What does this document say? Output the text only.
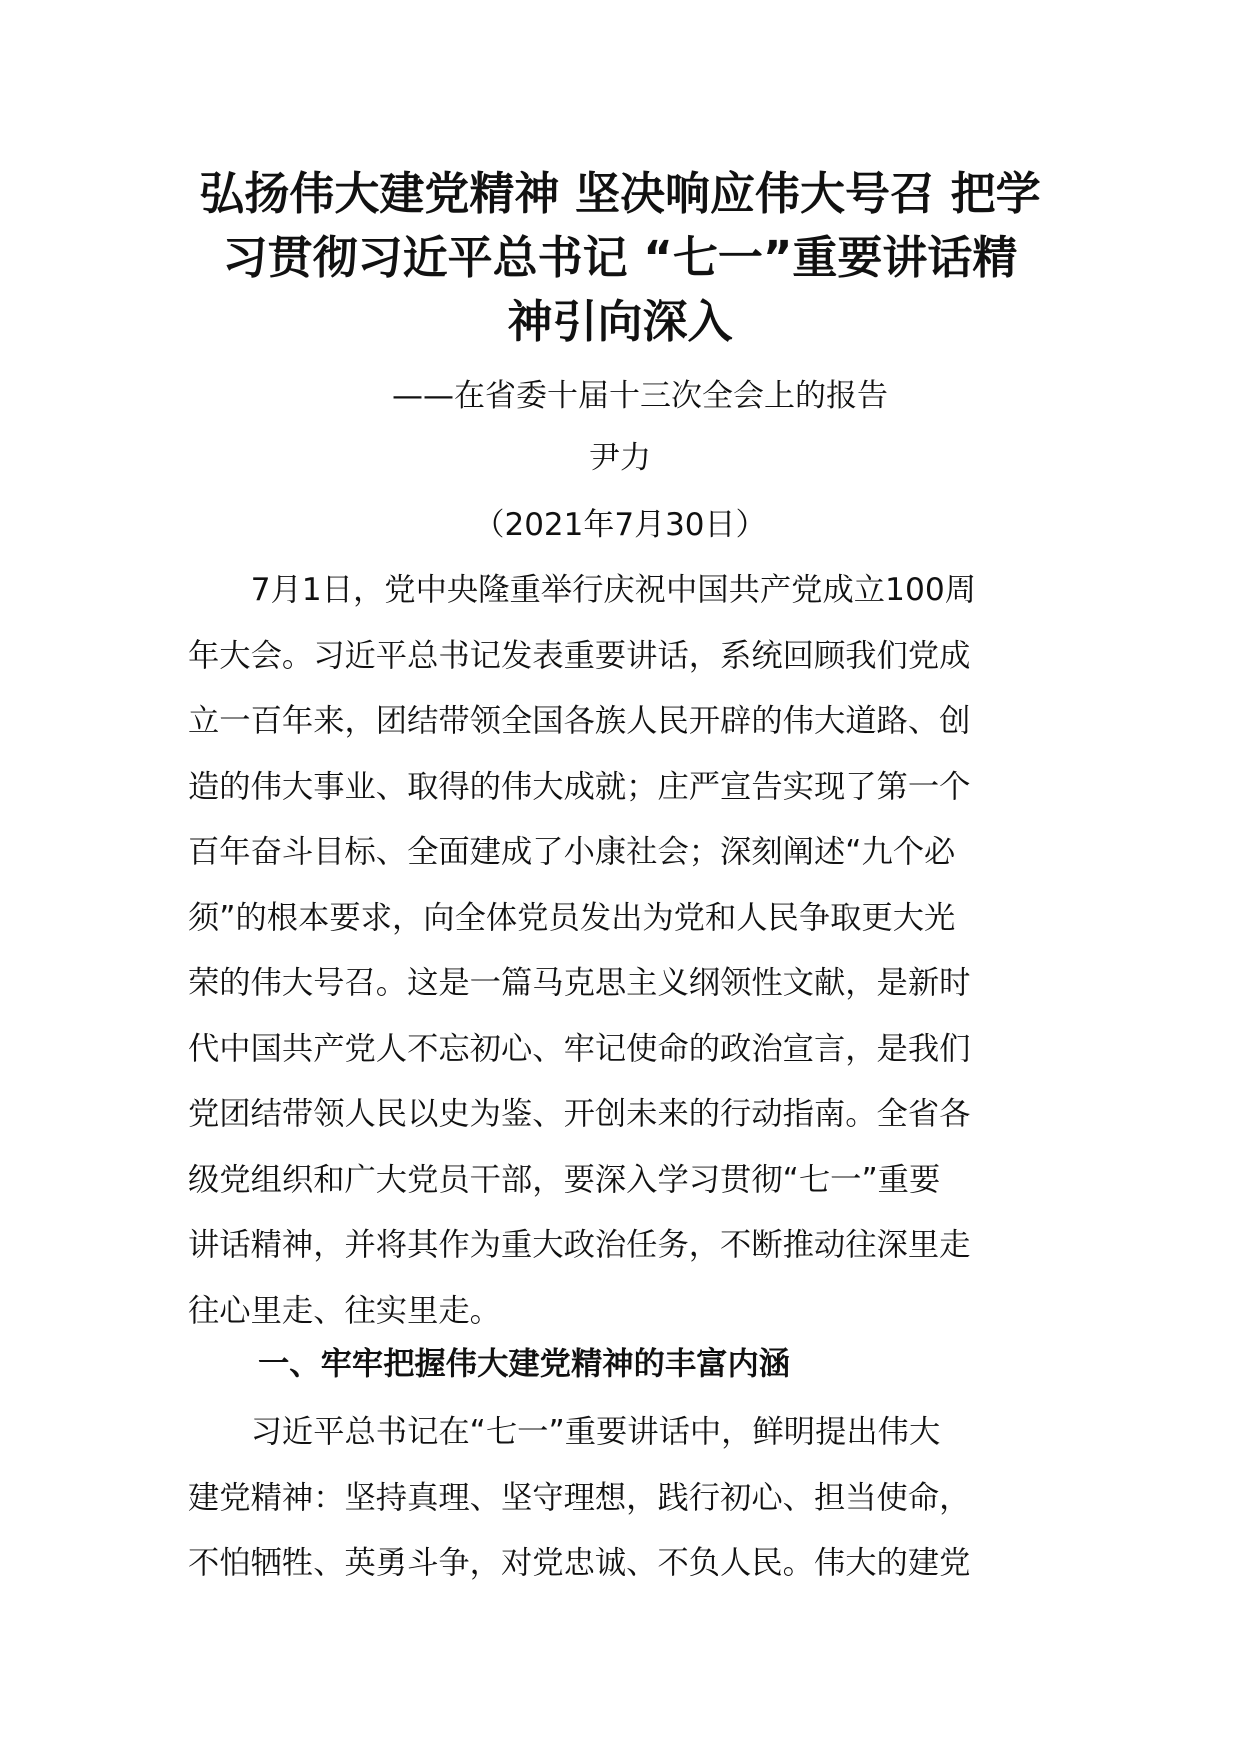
弘扬伟大建党精神 坚决响应伟大号召 把学
习贯彻习近平总书记 “七一”重要讲话精
神引向深入
——在省委十届十三次全会上的报告
尹力
（2021年7月30日）
　　7月1日，党中央隆重举行庆祝中国共产党成立100周
年大会。习近平总书记发表重要讲话，系统回顾我们党成
立一百年来，团结带领全国各族人民开辟的伟大道路、创
造的伟大事业、取得的伟大成就；庄严宣告实现了第一个
百年奋斗目标、全面建成了小康社会；深刻阐述“九个必
须”的根本要求，向全体党员发出为党和人民争取更大光
荣的伟大号召。这是一篇马克思主义纲领性文献，是新时
代中国共产党人不忘初心、牢记使命的政治宣言，是我们
党团结带领人民以史为鉴、开创未来的行动指南。全省各
级党组织和广大党员干部，要深入学习贯彻“七一”重要
讲话精神，并将其作为重大政治任务，不断推动往深里走
往心里走、往实里走。
一、牢牢把握伟大建党精神的丰富内涵
　　习近平总书记在“七一”重要讲话中，鲜明提出伟大
建党精神：坚持真理、坚守理想，践行初心、担当使命，
不怕牺牲、英勇斗争，对党忠诚、不负人民。伟大的建党
